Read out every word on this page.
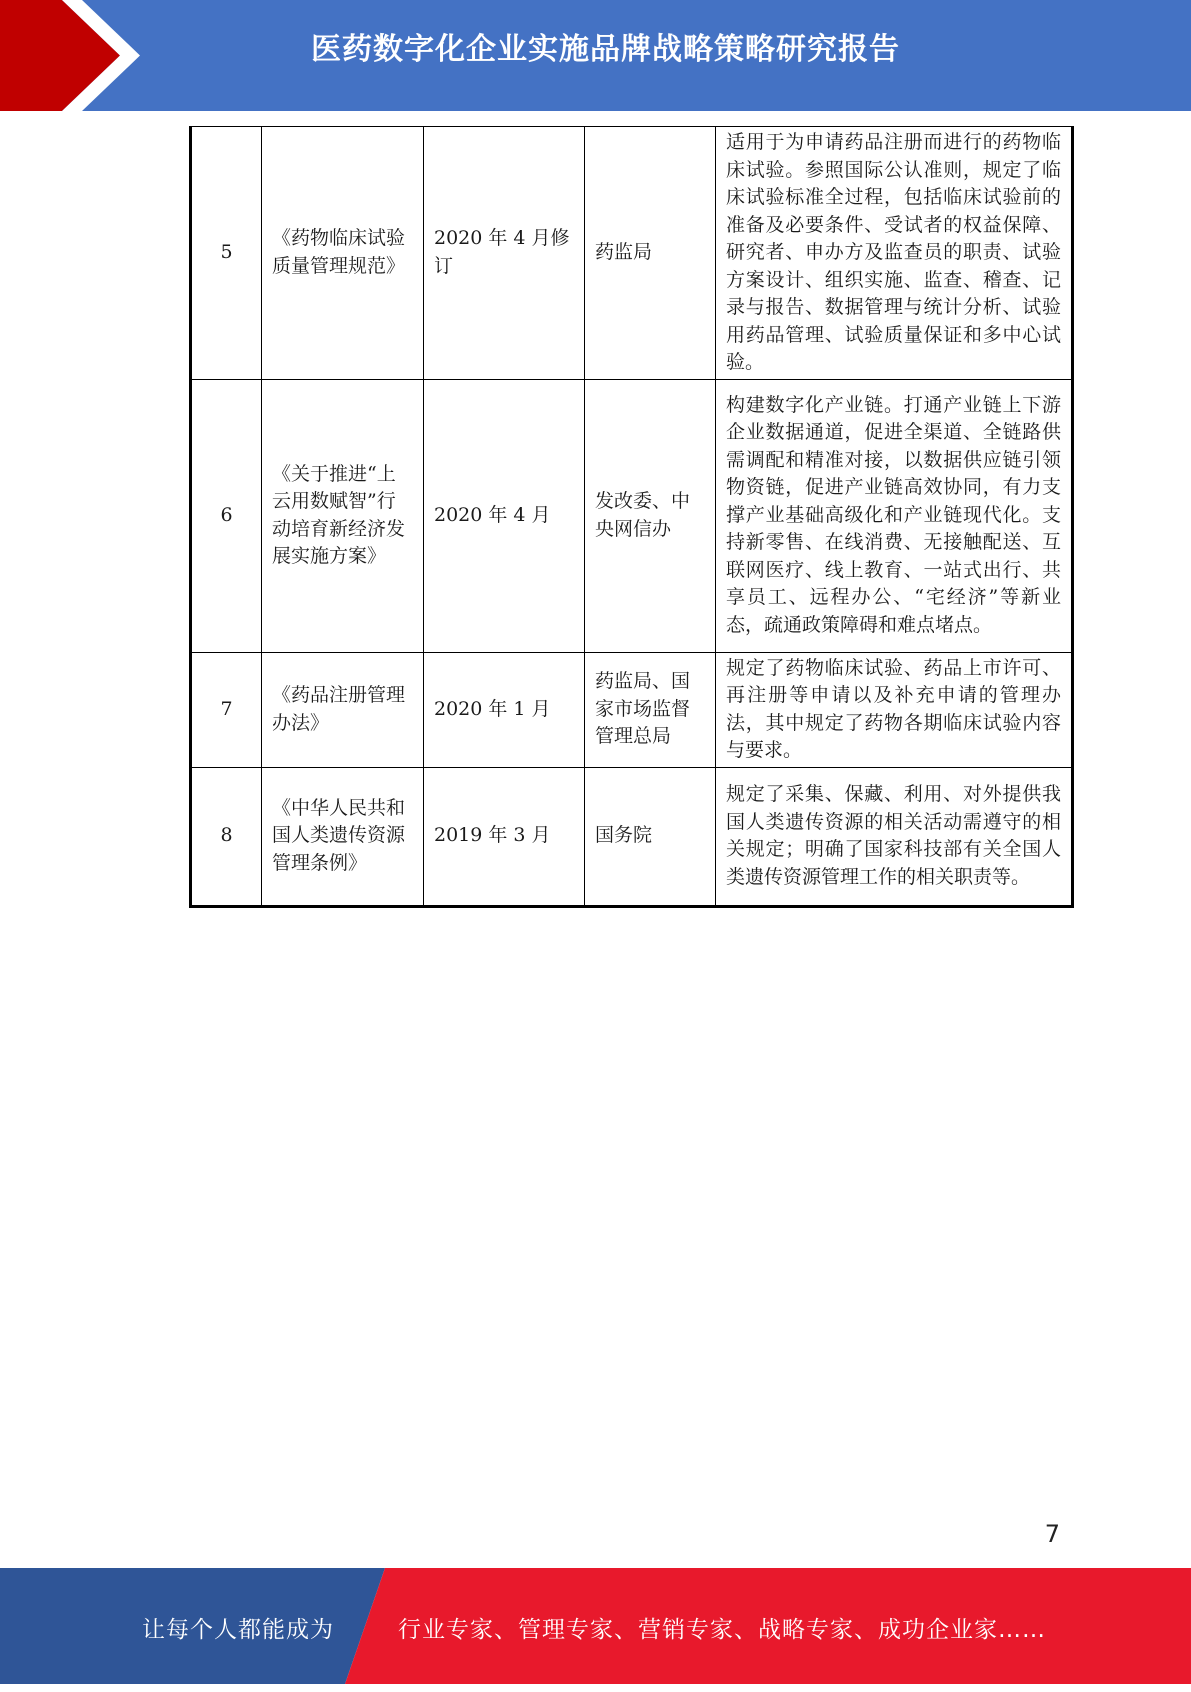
医药数字化企业实施品牌战略策略研究报告
5	《药物临床试验质量管理规范》	2020 年 4 月修订	药监局	适用于为申请药品注册而进行的药物临床试验。参照国际公认准则，规定了临床试验标准全过程，包括临床试验前的准备及必要条件、受试者的权益保障、研究者、申办方及监查员的职责、试验方案设计、组织实施、监查、稽查、记录与报告、数据管理与统计分析、试验用药品管理、试验质量保证和多中心试验。
6	《关于推进“上云用数赋智”行动培育新经济发展实施方案》	2020 年 4 月	发改委、中央网信办	构建数字化产业链。打通产业链上下游企业数据通道，促进全渠道、全链路供需调配和精准对接，以数据供应链引领物资链，促进产业链高效协同，有力支撑产业基础高级化和产业链现代化。支持新零售、在线消费、无接触配送、互联网医疗、线上教育、一站式出行、共享员工、远程办公、“宅经济”等新业态，疏通政策障碍和难点堵点。
7	《药品注册管理办法》	2020 年 1 月	药监局、国家市场监督管理总局	规定了药物临床试验、药品上市许可、再注册等申请以及补充申请的管理办法，其中规定了药物各期临床试验内容与要求。
8	《中华人民共和国人类遗传资源管理条例》	2019 年 3 月	国务院	规定了采集、保藏、利用、对外提供我国人类遗传资源的相关活动需遵守的相关规定；明确了国家科技部有关全国人类遗传资源管理工作的相关职责等。
7
让每个人都能成为	行业专家、管理专家、营销专家、战略专家、成功企业家……
